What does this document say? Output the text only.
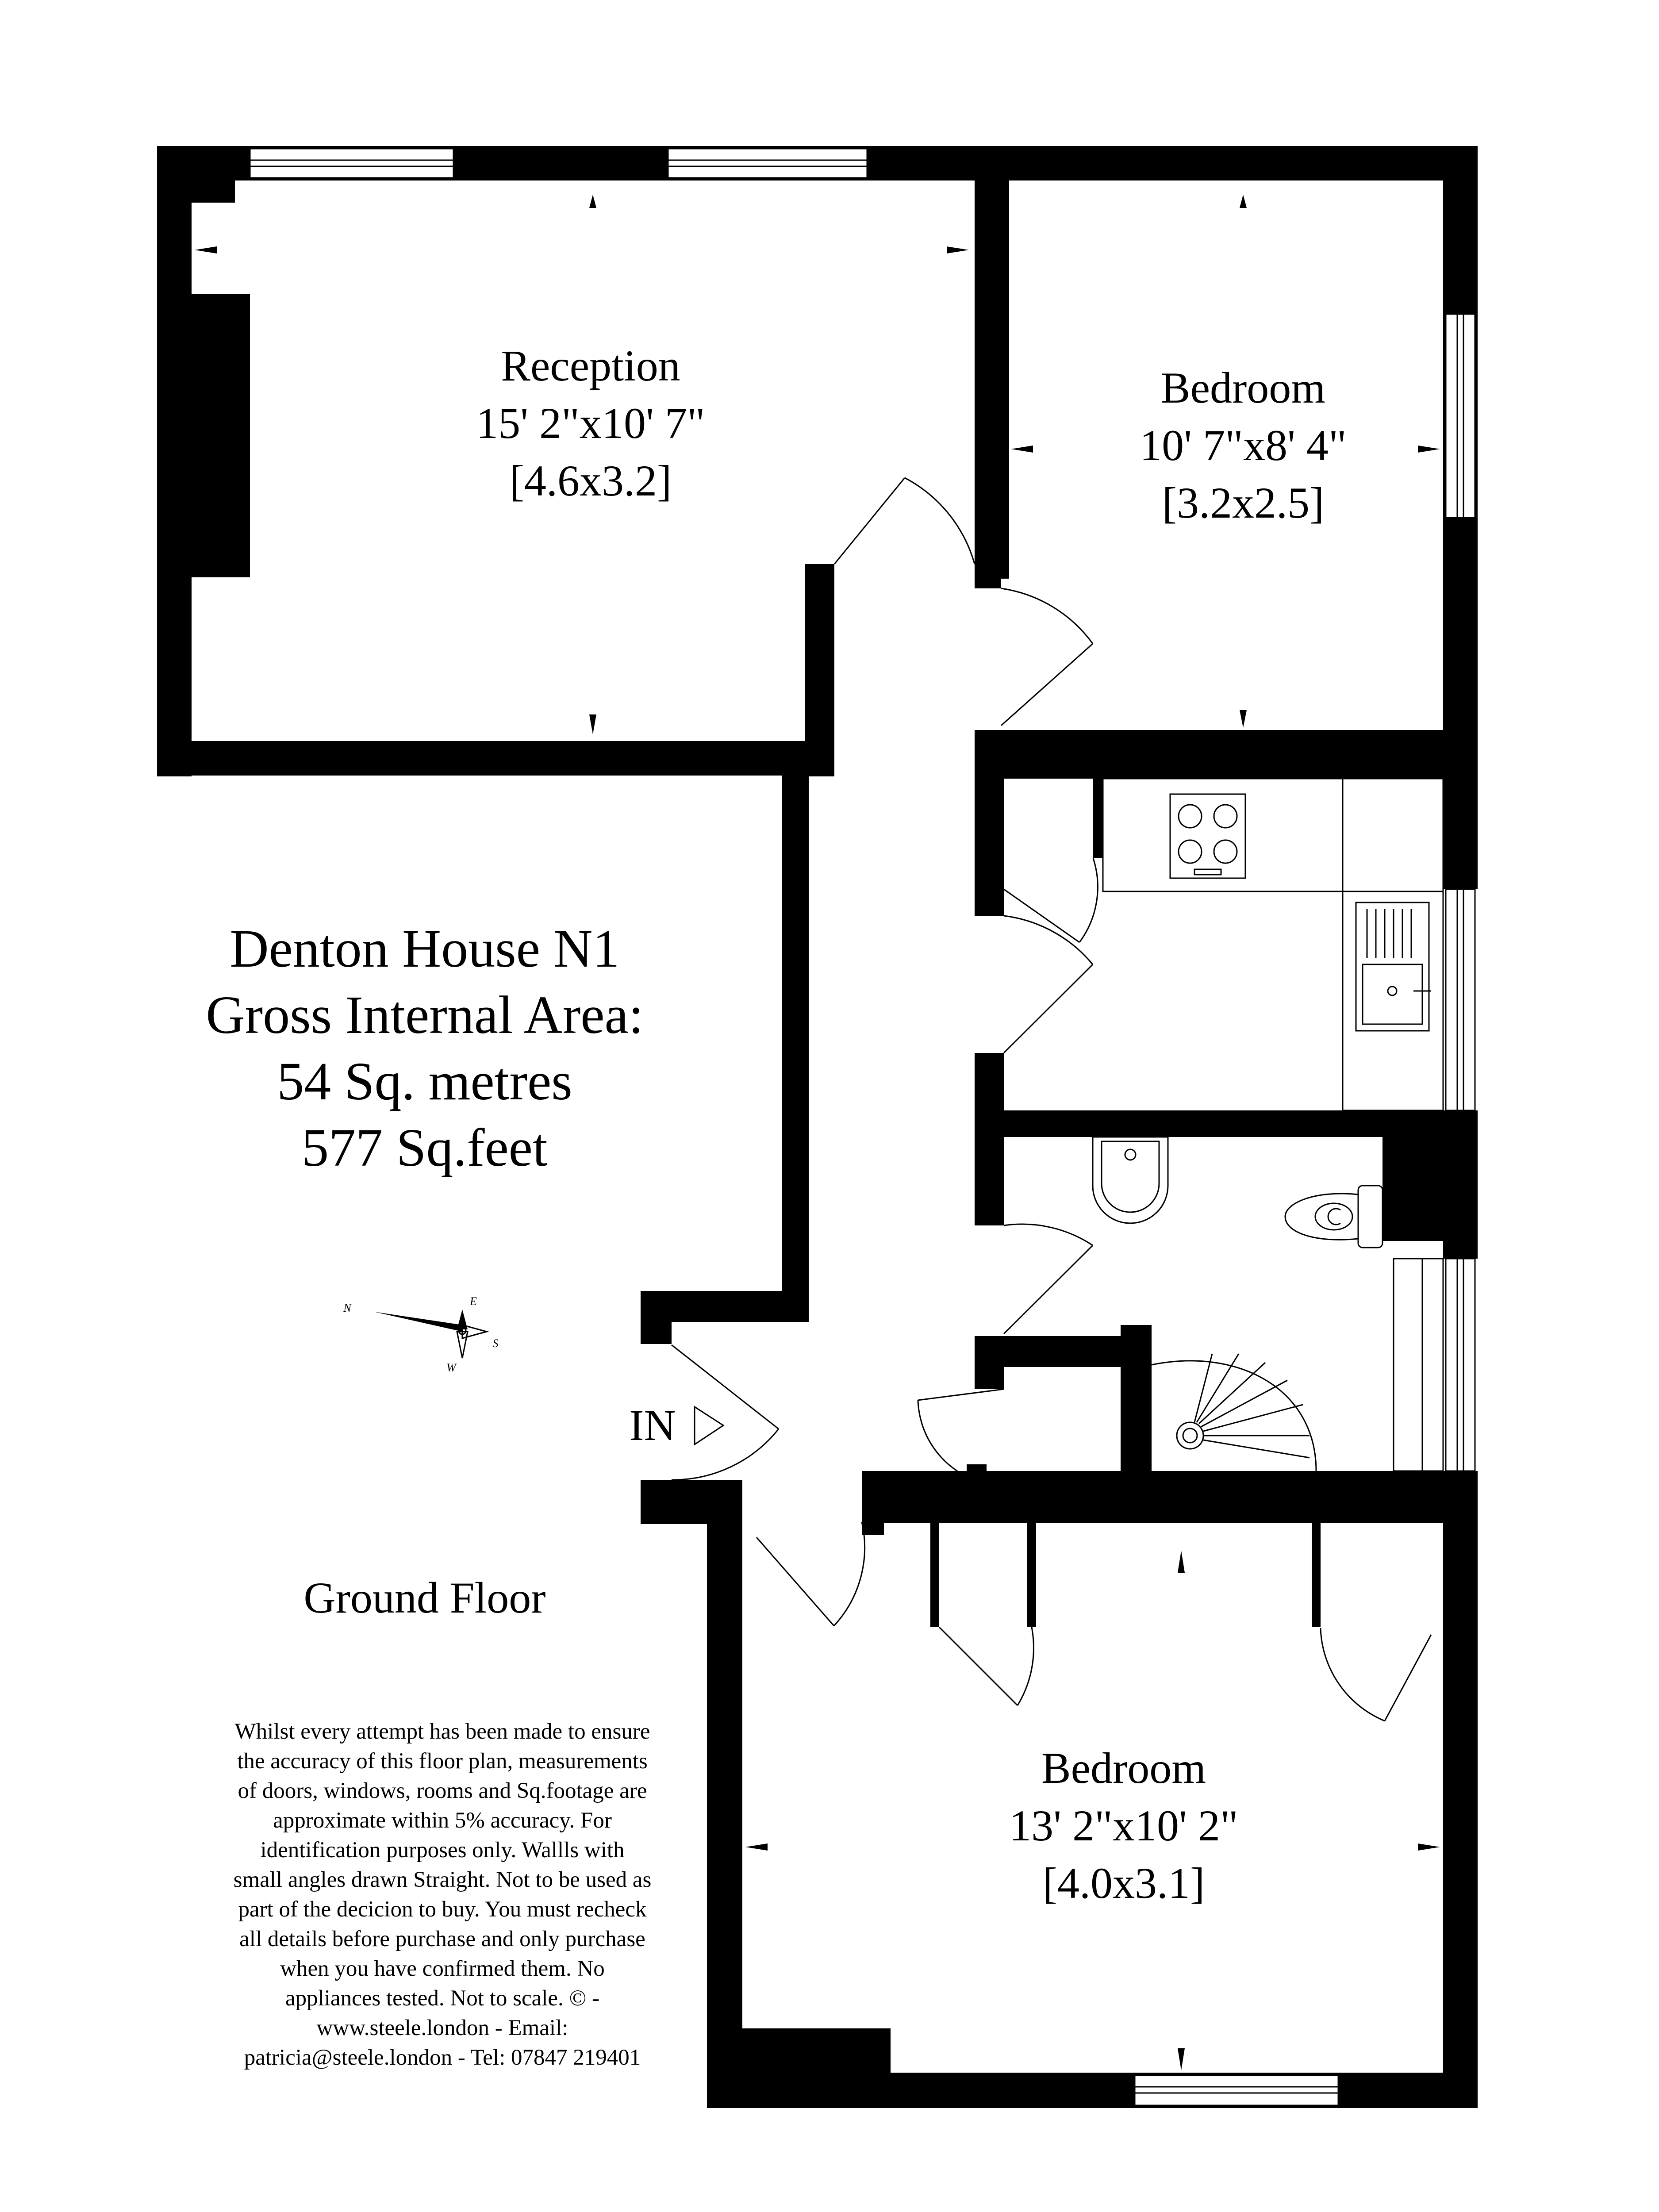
Reception
15' 2"x10' 7"
[4.6x3.2]
Bedroom
10' 7"x8' 4"
[3.2x2.5]
Bedroom
13' 2"x10' 2"
[4.0x3.1]
Denton House N1
Gross Internal Area:
54 Sq. metres
577 Sq.feet
N
E
S
W
IN
Ground Floor
Whilst every attempt has been made to ensure
the accuracy of this floor plan, measurements
of doors, windows, rooms and Sq.footage are
approximate within 5% accuracy. For
identification purposes only. Wallls with
small angles drawn Straight. Not to be used as
part of the decicion to buy. You must recheck
all details before purchase and only purchase
when you have confirmed them. No
appliances tested. Not to scale. © -
www.steele.london - Email:
patricia@steele.london - Tel: 07847 219401
